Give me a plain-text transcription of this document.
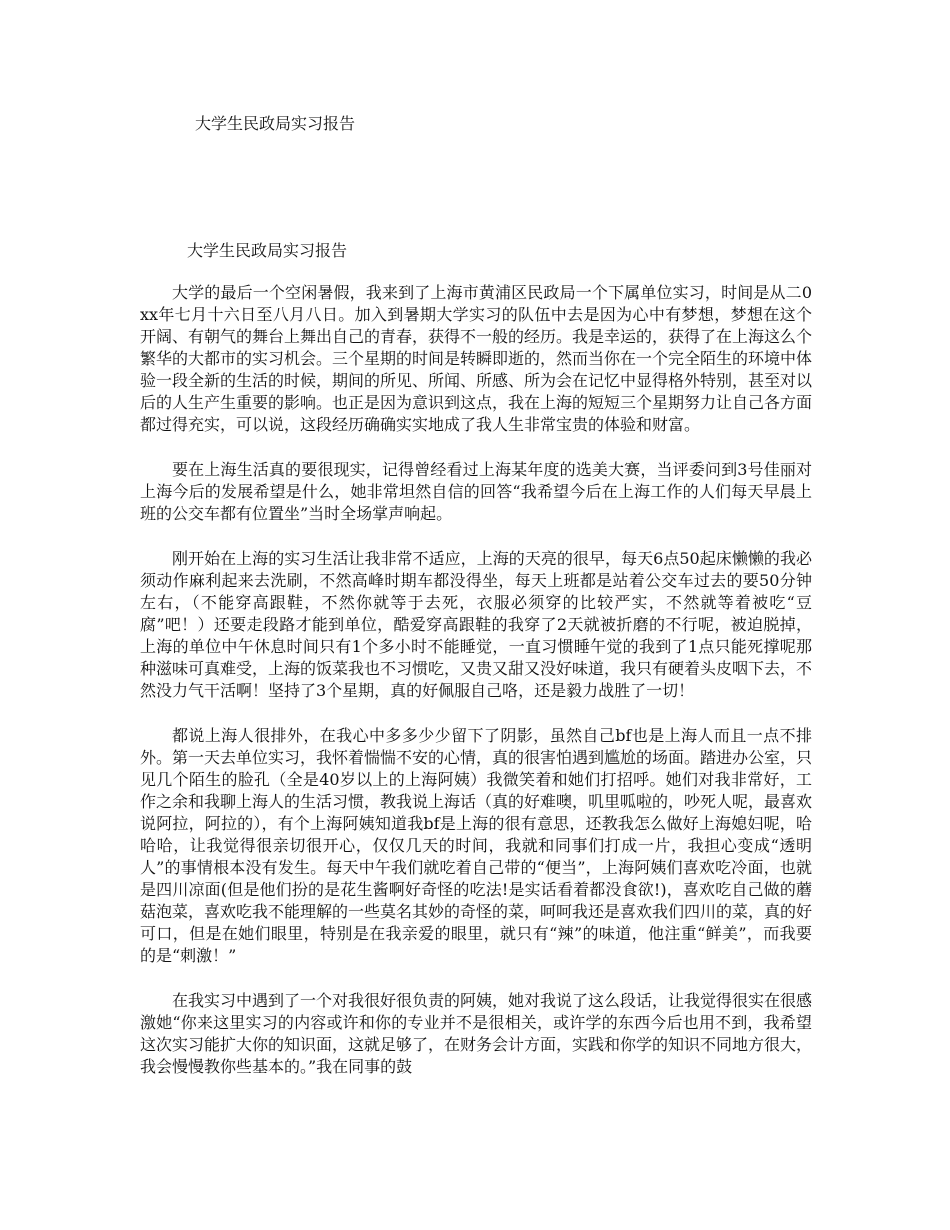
大学生民政局实习报告
大学生民政局实习报告

大学的最后一个空闲暑假，我来到了上海市黄浦区民政局一个下属单位实习，时间是从二0xx年七月十六日至八月八日。加入到暑期大学实习的队伍中去是因为心中有梦想，梦想在这个开阔、有朝气的舞台上舞出自己的青春，获得不一般的经历。我是幸运的，获得了在上海这么个繁华的大都市的实习机会。三个星期的时间是转瞬即逝的，然而当你在一个完全陌生的环境中体验一段全新的生活的时候，期间的所见、所闻、所感、所为会在记忆中显得格外特别，甚至对以后的人生产生重要的影响。也正是因为意识到这点，我在上海的短短三个星期努力让自己各方面都过得充实，可以说，这段经历确确实实地成了我人生非常宝贵的体验和财富。

要在上海生活真的要很现实，记得曾经看过上海某年度的选美大赛，当评委问到3号佳丽对上海今后的发展希望是什么，她非常坦然自信的回答“我希望今后在上海工作的人们每天早晨上班的公交车都有位置坐”当时全场掌声响起。

刚开始在上海的实习生活让我非常不适应，上海的天亮的很早，每天6点50起床懒懒的我必须动作麻利起来去洗刷，不然高峰时期车都没得坐，每天上班都是站着公交车过去的要50分钟左右，（不能穿高跟鞋，不然你就等于去死，衣服必须穿的比较严实，不然就等着被吃“豆腐”吧！）还要走段路才能到单位，酷爱穿高跟鞋的我穿了2天就被折磨的不行呢，被迫脱掉，上海的单位中午休息时间只有1个多小时不能睡觉，一直习惯睡午觉的我到了1点只能死撑呢那种滋味可真难受，上海的饭菜我也不习惯吃，又贵又甜又没好味道，我只有硬着头皮咽下去，不然没力气干活啊！坚持了3个星期，真的好佩服自己咯，还是毅力战胜了一切！

都说上海人很排外，在我心中多多少少留下了阴影，虽然自己bf也是上海人而且一点不排外。第一天去单位实习，我怀着惴惴不安的心情，真的很害怕遇到尴尬的场面。踏进办公室，只见几个陌生的脸孔（全是40岁以上的上海阿姨）我微笑着和她们打招呼。她们对我非常好，工作之余和我聊上海人的生活习惯，教我说上海话（真的好难噢，叽里呱啦的，吵死人呢，最喜欢说阿拉，阿拉的），有个上海阿姨知道我bf是上海的很有意思，还教我怎么做好上海媳妇呢，哈哈哈，让我觉得很亲切很开心，仅仅几天的时间，我就和同事们打成一片，我担心变成“透明人”的事情根本没有发生。每天中午我们就吃着自己带的“便当”，上海阿姨们喜欢吃冷面，也就是四川凉面(但是他们扮的是花生酱啊好奇怪的吃法!是实话看着都没食欲!)，喜欢吃自己做的蘑菇泡菜，喜欢吃我不能理解的一些莫名其妙的奇怪的菜，呵呵我还是喜欢我们四川的菜，真的好可口，但是在她们眼里，特别是在我亲爱的眼里，就只有“辣”的味道，他注重“鲜美”，而我要的是“刺激！”

在我实习中遇到了一个对我很好很负责的阿姨，她对我说了这么段话，让我觉得很实在很感激她“你来这里实习的内容或许和你的专业并不是很相关，或许学的东西今后也用不到，我希望这次实习能扩大你的知识面，这就足够了，在财务会计方面，实践和你学的知识不同地方很大，我会慢慢教你些基本的。”我在同事的鼓
